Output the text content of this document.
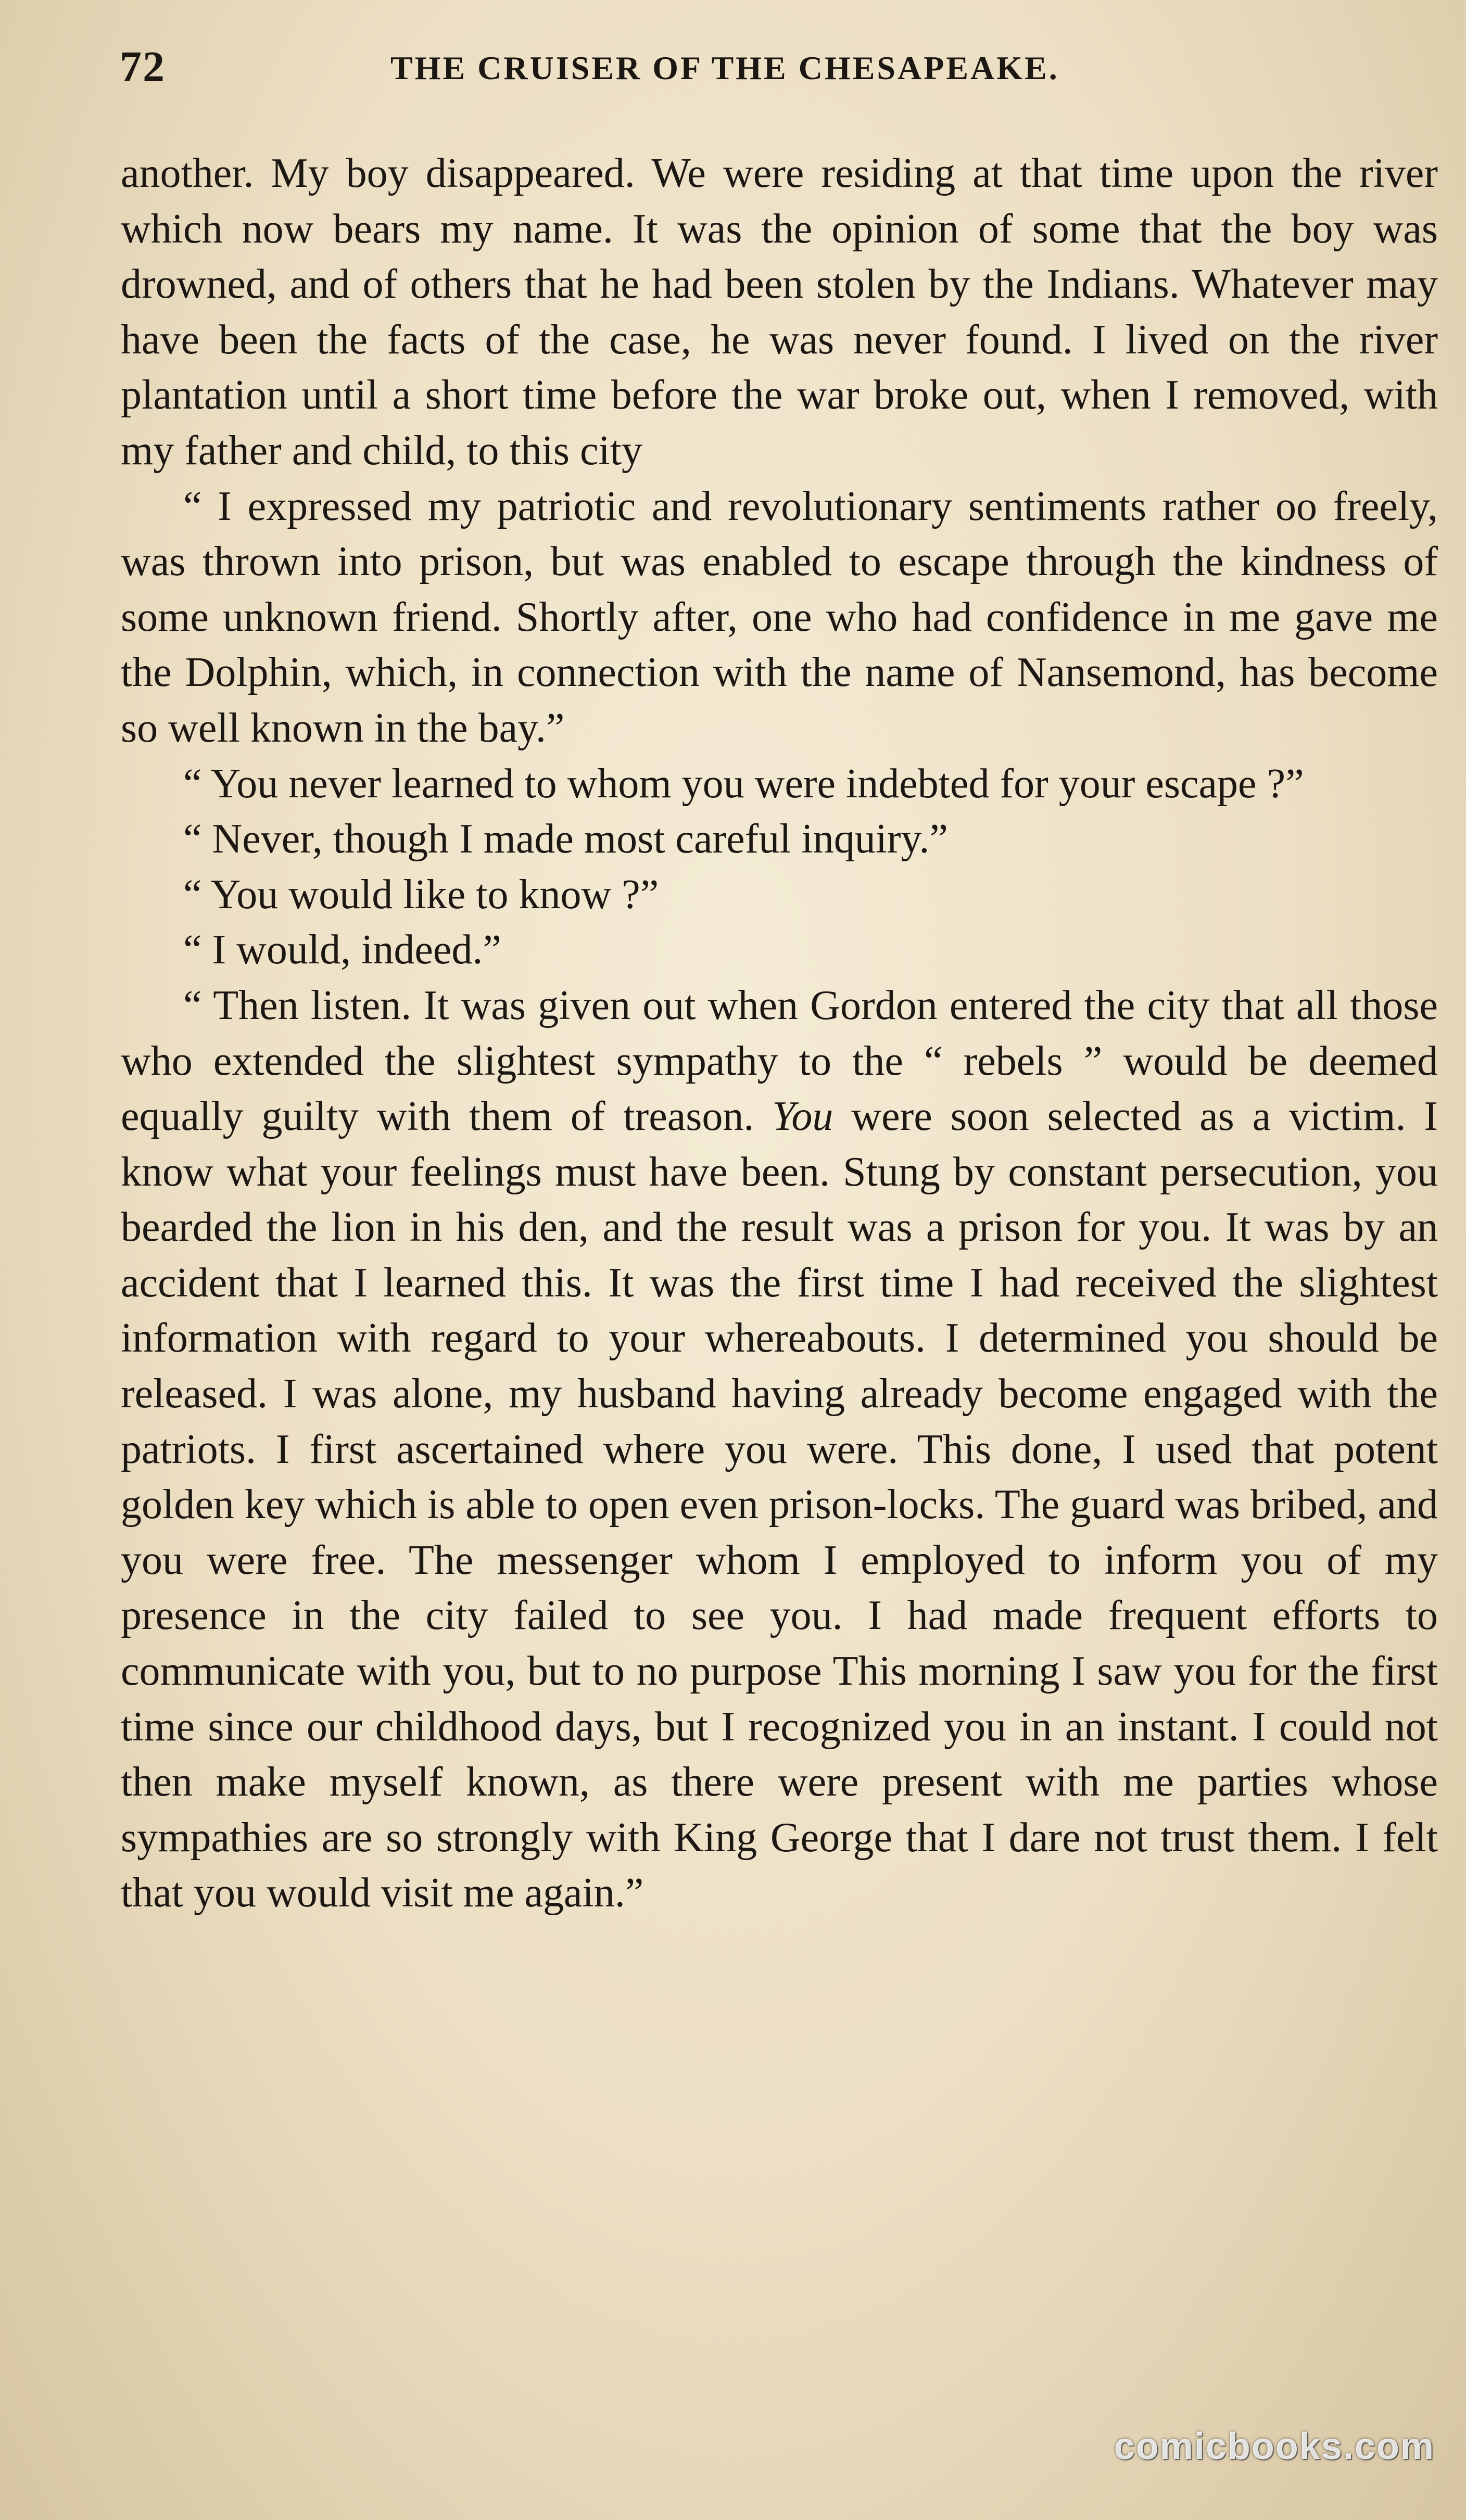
72	THE CRUISER OF THE CHESAPEAKE.

another. My boy disappeared. We were residing at that time upon the river which now bears my name. It was the opinion of some that the boy was drowned, and of others that he had been stolen by the Indians. Whatever may have been the facts of the case, he was never found. I lived on the river plantation until a short time before the war broke out, when I removed, with my father and child, to this city

“ I expressed my patriotic and revolutionary sentiments rather oo freely, was thrown into prison, but was enabled to escape through the kindness of some unknown friend. Shortly after, one who had confidence in me gave me the Dolphin, which, in connection with the name of Nansemond, has become so well known in the bay.”

“ You never learned to whom you were indebted for your escape ?”

“ Never, though I made most careful inquiry.”

“ You would like to know ?”

“ I would, indeed.”

“ Then listen. It was given out when Gordon entered the city that all those who extended the slightest sympathy to the “ rebels ” would be deemed equally guilty with them of treason. You were soon selected as a victim. I know what your feelings must have been. Stung by constant persecution, you bearded the lion in his den, and the result was a prison for you. It was by an accident that I learned this. It was the first time I had received the slightest information with regard to your whereabouts. I determined you should be released. I was alone, my husband having already become engaged with the patriots. I first ascertained where you were. This done, I used that potent golden key which is able to open even prison-locks. The guard was bribed, and you were free. The messenger whom I employed to inform you of my presence in the city failed to see you. I had made frequent efforts to communicate with you, but to no purpose This morning I saw you for the first time since our childhood days, but I recognized you in an instant. I could not then make myself known, as there were present with me parties whose sympathies are so strongly with King George that I dare not trust them. I felt that you would visit me again.”

comicbooks.com
